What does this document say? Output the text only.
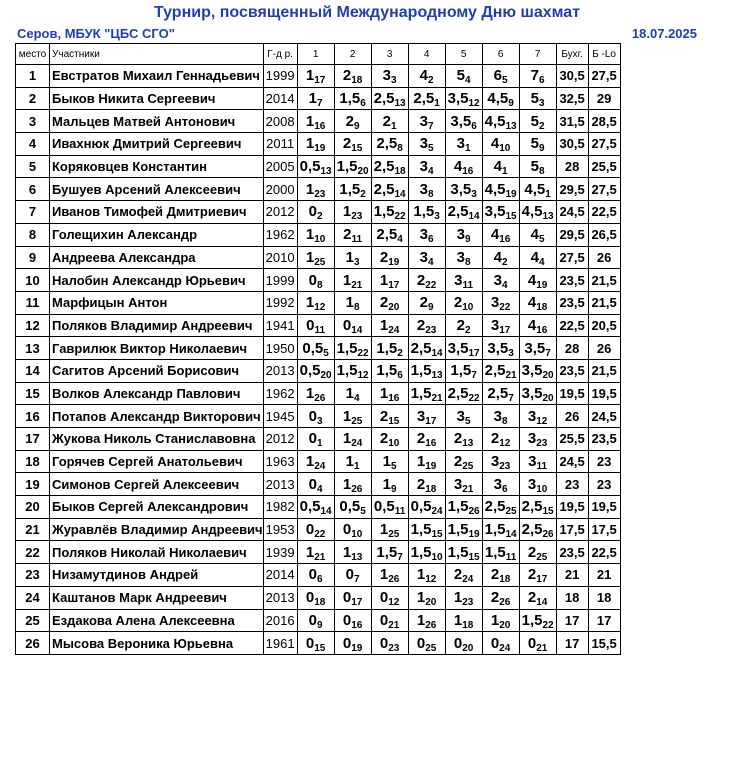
Турнир, посвященный Международному Дню шахмат
Серов, МБУК "ЦБС СГО"	18.07.2025
место	Участники	Г-д р.	1	2	3	4	5	6	7	Бухг.	Б -Lo
1	Евстратов Михаил Геннадьевич	1999	$1_{17}$	$2_{18}$	$3_3$	$4_2$	$5_4$	$6_5$	$7_6$	30,5	27,5
2	Быков Никита Сергеевич	2014	$1_7$	$1,5_6$	$2,5_{13}$	$2,5_1$	$3,5_{12}$	$4,5_9$	$5_3$	32,5	29
3	Мальцев Матвей Антонович	2008	$1_{16}$	$2_9$	$2_1$	$3_7$	$3,5_6$	$4,5_{13}$	$5_2$	31,5	28,5
4	Ивахнюк Дмитрий Сергеевич	2011	$1_{19}$	$2_{15}$	$2,5_8$	$3_5$	$3_1$	$4_{10}$	$5_9$	30,5	27,5
5	Коряковцев Константин	2005	$0,5_{13}$	$1,5_{20}$	$2,5_{18}$	$3_4$	$4_{16}$	$4_1$	$5_8$	28	25,5
6	Бушуев Арсений Алексеевич	2000	$1_{23}$	$1,5_2$	$2,5_{14}$	$3_8$	$3,5_3$	$4,5_{19}$	$4,5_1$	29,5	27,5
7	Иванов Тимофей Дмитриевич	2012	$0_2$	$1_{23}$	$1,5_{22}$	$1,5_3$	$2,5_{14}$	$3,5_{15}$	$4,5_{13}$	24,5	22,5
8	Голещихин Александр	1962	$1_{10}$	$2_{11}$	$2,5_4$	$3_6$	$3_9$	$4_{16}$	$4_5$	29,5	26,5
9	Андреева Александра	2010	$1_{25}$	$1_3$	$2_{19}$	$3_4$	$3_8$	$4_2$	$4_4$	27,5	26
10	Налобин Александр Юрьевич	1999	$0_8$	$1_{21}$	$1_{17}$	$2_{22}$	$3_{11}$	$3_4$	$4_{19}$	23,5	21,5
11	Марфицын Антон	1992	$1_{12}$	$1_8$	$2_{20}$	$2_9$	$2_{10}$	$3_{22}$	$4_{18}$	23,5	21,5
12	Поляков Владимир Андреевич	1941	$0_{11}$	$0_{14}$	$1_{24}$	$2_{23}$	$2_2$	$3_{17}$	$4_{16}$	22,5	20,5
13	Гаврилюк Виктор Николаевич	1950	$0,5_5$	$1,5_{22}$	$1,5_2$	$2,5_{14}$	$3,5_{17}$	$3,5_3$	$3,5_7$	28	26
14	Сагитов Арсений Борисович	2013	$0,5_{20}$	$1,5_{12}$	$1,5_6$	$1,5_{13}$	$1,5_7$	$2,5_{21}$	$3,5_{20}$	23,5	21,5
15	Волков Александр Павлович	1962	$1_{26}$	$1_4$	$1_{16}$	$1,5_{21}$	$2,5_{22}$	$2,5_7$	$3,5_{20}$	19,5	19,5
16	Потапов Александр Викторович	1945	$0_3$	$1_{25}$	$2_{15}$	$3_{17}$	$3_5$	$3_8$	$3_{12}$	26	24,5
17	Жукова Николь Станиславовна	2012	$0_1$	$1_{24}$	$2_{10}$	$2_{16}$	$2_{13}$	$2_{12}$	$3_{23}$	25,5	23,5
18	Горячев Сергей Анатольевич	1963	$1_{24}$	$1_1$	$1_5$	$1_{19}$	$2_{25}$	$3_{23}$	$3_{11}$	24,5	23
19	Симонов Сергей Алексеевич	2013	$0_4$	$1_{26}$	$1_9$	$2_{18}$	$3_{21}$	$3_6$	$3_{10}$	23	23
20	Быков Сергей Александрович	1982	$0,5_{14}$	$0,5_5$	$0,5_{11}$	$0,5_{24}$	$1,5_{26}$	$2,5_{25}$	$2,5_{15}$	19,5	19,5
21	Журавлёв Владимир Андреевич	1953	$0_{22}$	$0_{10}$	$1_{25}$	$1,5_{15}$	$1,5_{19}$	$1,5_{14}$	$2,5_{26}$	17,5	17,5
22	Поляков Николай Николаевич	1939	$1_{21}$	$1_{13}$	$1,5_7$	$1,5_{10}$	$1,5_{15}$	$1,5_{11}$	$2_{25}$	23,5	22,5
23	Низамутдинов Андрей	2014	$0_6$	$0_7$	$1_{26}$	$1_{12}$	$2_{24}$	$2_{18}$	$2_{17}$	21	21
24	Каштанов Марк Андреевич	2013	$0_{18}$	$0_{17}$	$0_{12}$	$1_{20}$	$1_{23}$	$2_{26}$	$2_{14}$	18	18
25	Ездакова Алена Алексеевна	2016	$0_9$	$0_{16}$	$0_{21}$	$1_{26}$	$1_{18}$	$1_{20}$	$1,5_{22}$	17	17
26	Мысова Вероника Юрьевна	1961	$0_{15}$	$0_{19}$	$0_{23}$	$0_{25}$	$0_{20}$	$0_{24}$	$0_{21}$	17	15,5
